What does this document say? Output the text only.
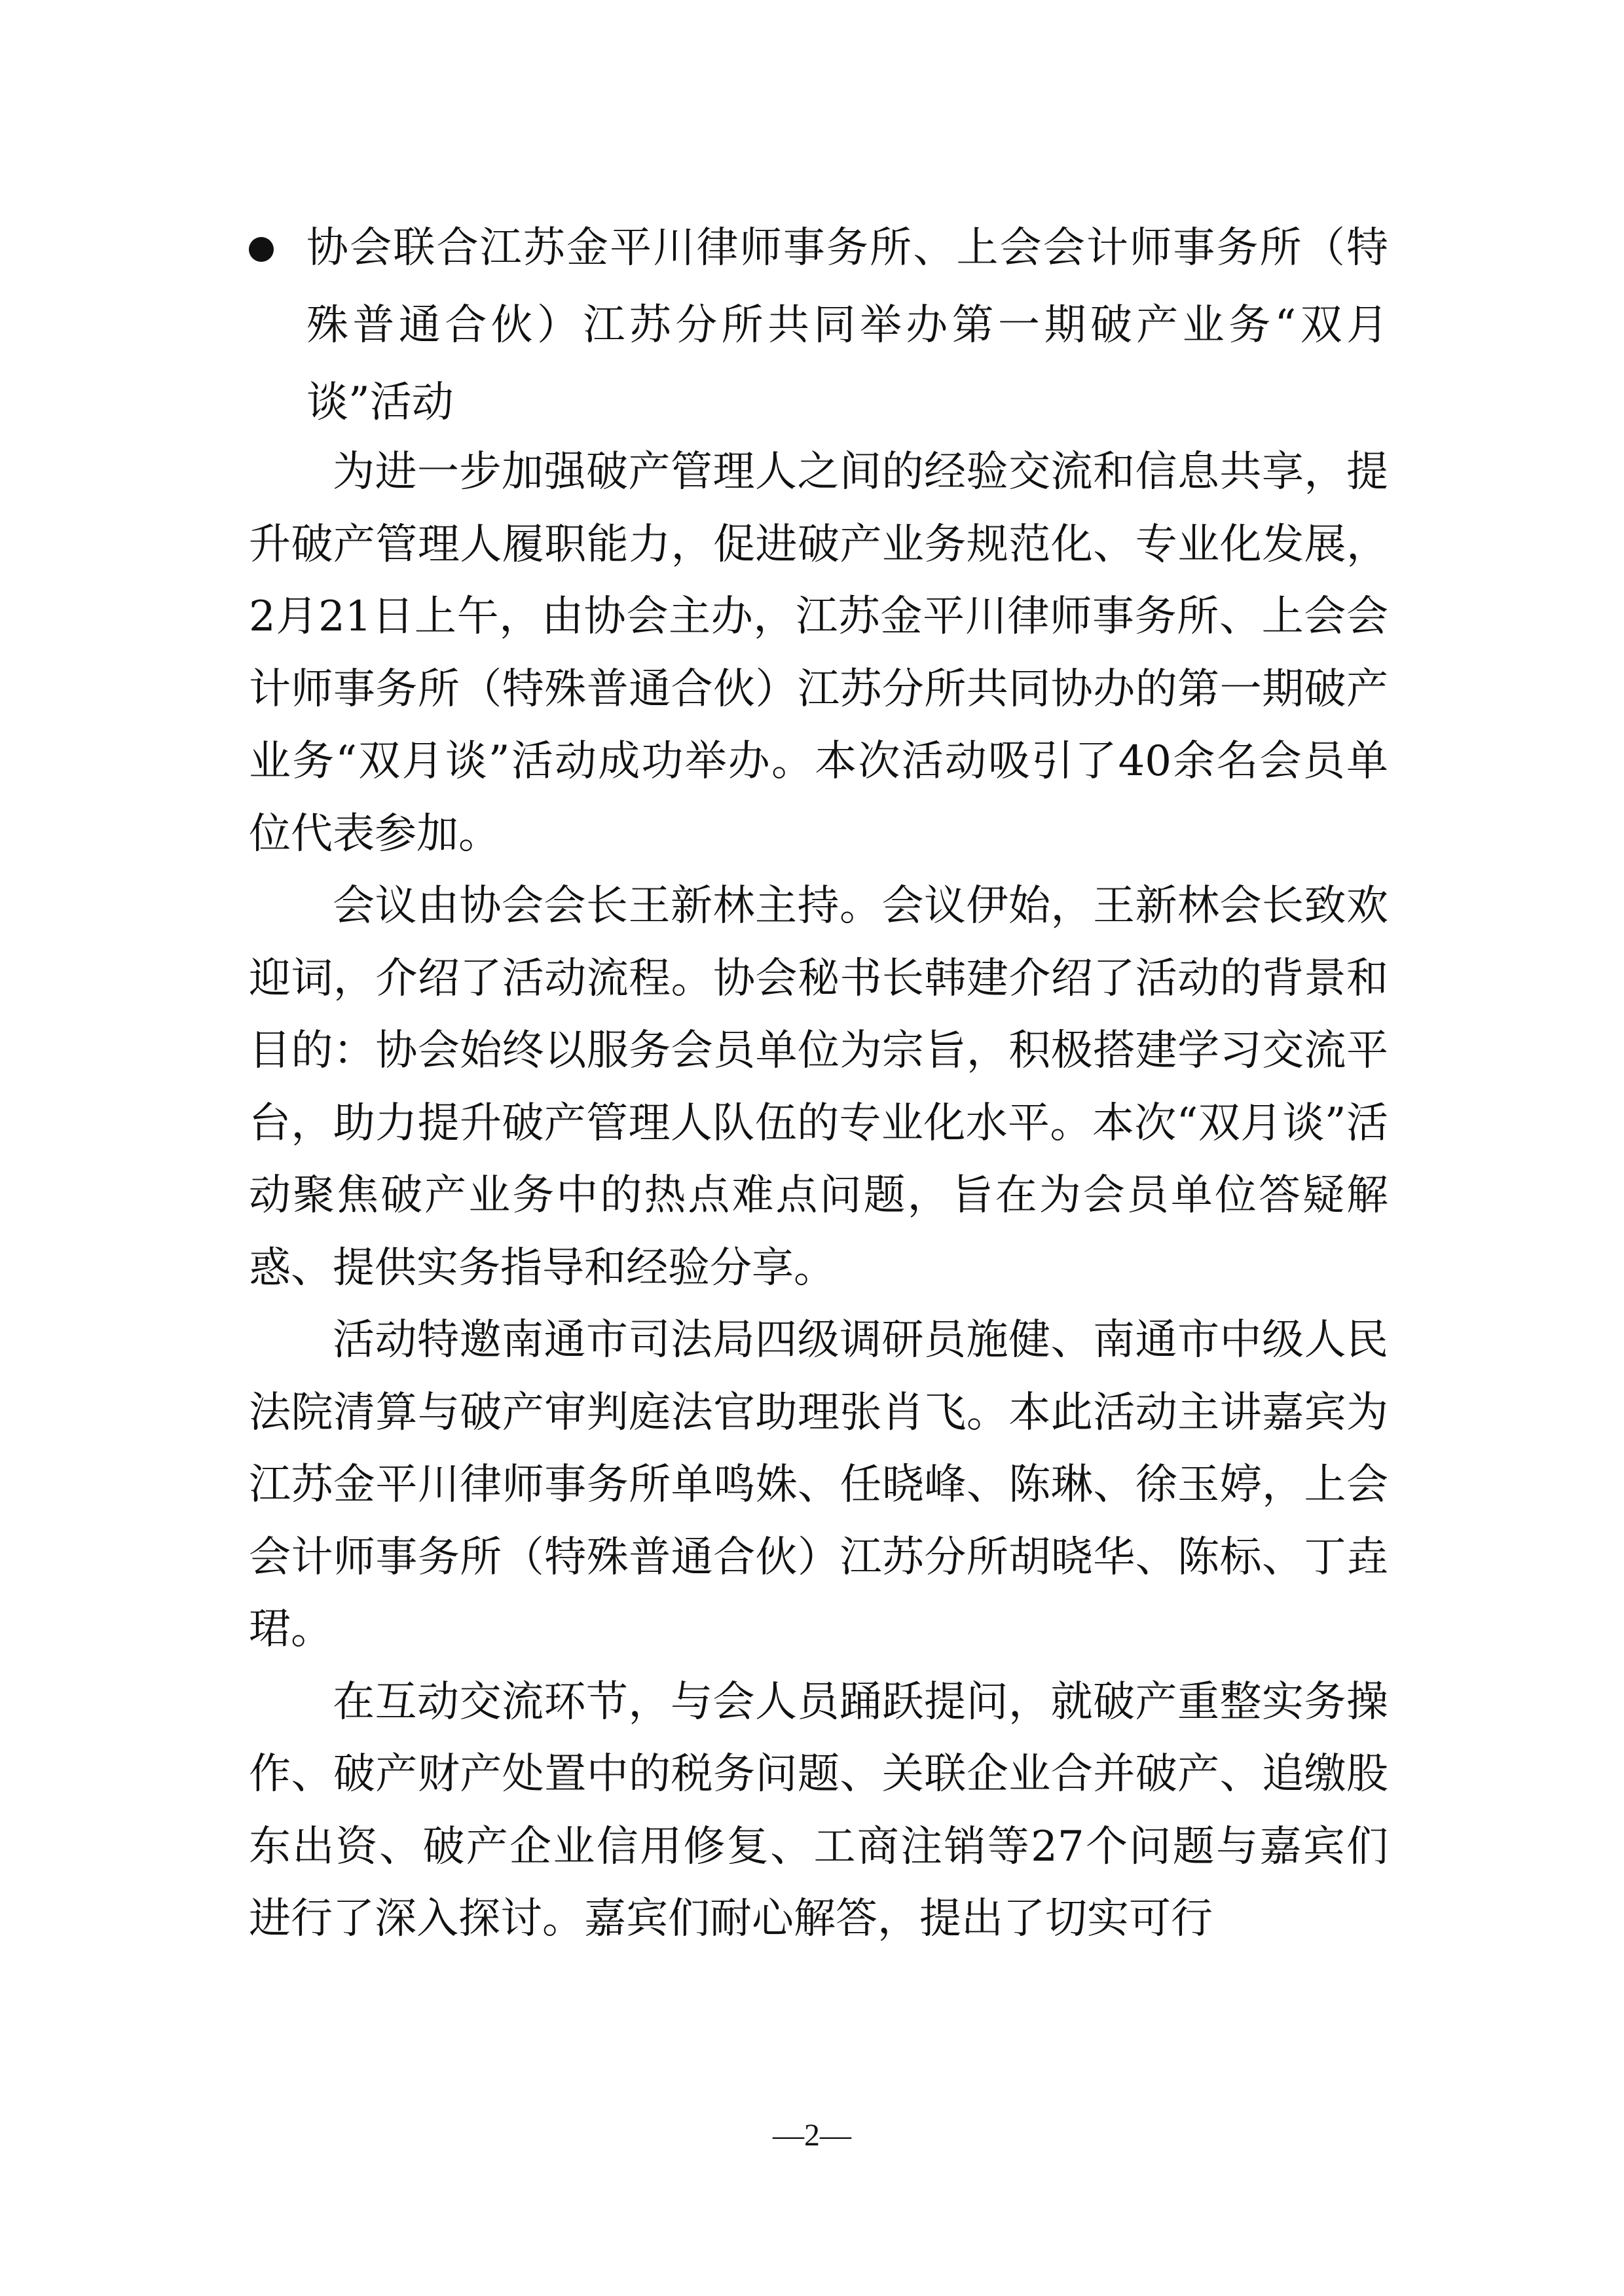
协会联合江苏金平川律师事务所、上会会计师事务所（特殊普通合伙）江苏分所共同举办第一期破产业务“双月谈”活动

为进一步加强破产管理人之间的经验交流和信息共享，提升破产管理人履职能力，促进破产业务规范化、专业化发展，2月21日上午，由协会主办，江苏金平川律师事务所、上会会计师事务所（特殊普通合伙）江苏分所共同协办的第一期破产业务“双月谈”活动成功举办。本次活动吸引了40余名会员单位代表参加。

会议由协会会长王新林主持。会议伊始，王新林会长致欢迎词，介绍了活动流程。协会秘书长韩建介绍了活动的背景和目的：协会始终以服务会员单位为宗旨，积极搭建学习交流平台，助力提升破产管理人队伍的专业化水平。本次“双月谈”活动聚焦破产业务中的热点难点问题，旨在为会员单位答疑解惑、提供实务指导和经验分享。

活动特邀南通市司法局四级调研员施健、南通市中级人民法院清算与破产审判庭法官助理张肖飞。本此活动主讲嘉宾为江苏金平川律师事务所单鸣姝、任晓峰、陈琳、徐玉婷，上会会计师事务所（特殊普通合伙）江苏分所胡晓华、陈标、丁垚珺。

在互动交流环节，与会人员踊跃提问，就破产重整实务操作、破产财产处置中的税务问题、关联企业合并破产、追缴股东出资、破产企业信用修复、工商注销等27个问题与嘉宾们进行了深入探讨。嘉宾们耐心解答，提出了切实可行

—2—
